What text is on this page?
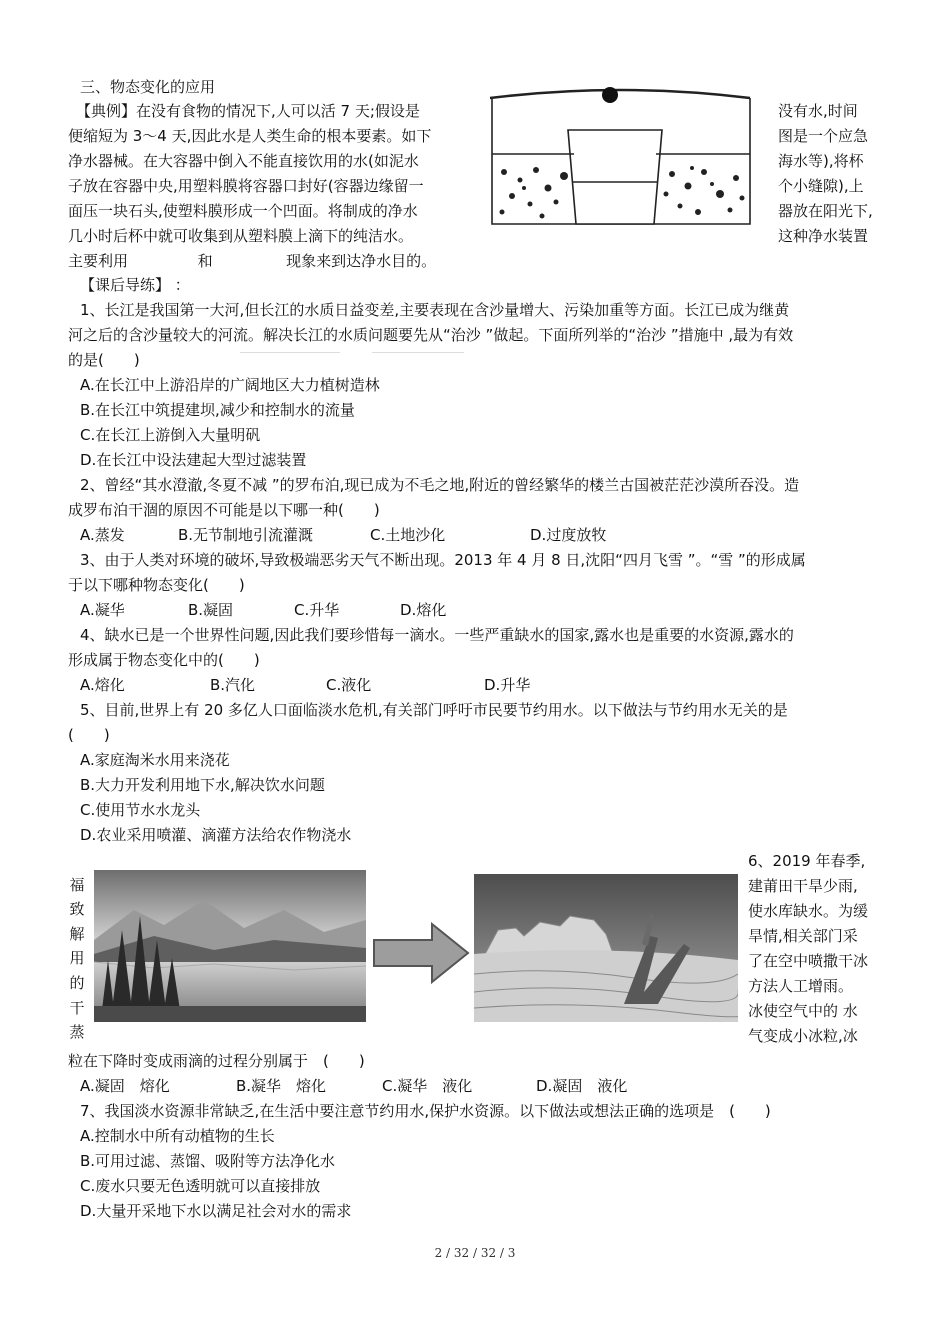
三、物态变化的应用
【典例】在没有食物的情况下,人可以活 7 天;假设是
便缩短为 3～4 天,因此水是人类生命的根本要素。如下
净水器械。在大容器中倒入不能直接饮用的水(如泥水
子放在容器中央,用塑料膜将容器口封好(容器边缘留一
面压一块石头,使塑料膜形成一个凹面。将制成的净水
几小时后杯中就可收集到从塑料膜上滴下的纯洁水。
没有水,时间
图是一个应急
海水等),将杯
个小缝隙),上
器放在阳光下,
这种净水装置
主要利用	和	现象来到达净水目的。
【课后导练】 ：
1、长江是我国第一大河,但长江的水质日益变差,主要表现在含沙量增大、污染加重等方面。长江已成为继黄
河之后的含沙量较大的河流。解决长江的水质问题要先从“治沙 ”做起。下面所列举的“治沙 ”措施中 ,最为有效
的是(　　)
A.在长江中上游沿岸的广阔地区大力植树造林
B.在长江中筑提建坝,减少和控制水的流量
C.在长江上游倒入大量明矾
D.在长江中设法建起大型过滤装置
2、曾经“其水澄澈,冬夏不减 ”的罗布泊,现已成为不毛之地,附近的曾经繁华的楼兰古国被茫茫沙漠所吞没。造
成罗布泊干涸的原因不可能是以下哪一种(　　)
A.蒸发	B.无节制地引流灌溉	C.土地沙化	D.过度放牧
3、由于人类对环境的破坏,导致极端恶劣天气不断出现。2013 年 4 月 8 日,沈阳“四月飞雪 ”。“雪 ”的形成属
于以下哪种物态变化(　　)
A.凝华	B.凝固	C.升华	D.熔化
4、缺水已是一个世界性问题,因此我们要珍惜每一滴水。一些严重缺水的国家,露水也是重要的水资源,露水的
形成属于物态变化中的(　　)
A.熔化	B.汽化	C.液化	D.升华
5、目前,世界上有 20 多亿人口面临淡水危机,有关部门呼吁市民要节约用水。以下做法与节约用水无关的是
(　　)
A.家庭淘米水用来浇花
B.大力开发利用地下水,解决饮水问题
C.使用节水水龙头
D.农业采用喷灌、滴灌方法给农作物浇水
6、2019 年春季,
建莆田干旱少雨,
使水库缺水。为缓
旱情,相关部门采
了在空中喷撒干冰
方法人工增雨。
冰使空气中的 水
气变成小冰粒,冰
福
致
解
用
的
干
蒸
粒在下降时变成雨滴的过程分别属于　(　　)
A.凝固　熔化	B.凝华　熔化	C.凝华　液化	D.凝固　液化
7、我国淡水资源非常缺乏,在生活中要注意节约用水,保护水资源。以下做法或想法正确的选项是　(　　)
A.控制水中所有动植物的生长
B.可用过滤、蒸馏、吸附等方法净化水
C.废水只要无色透明就可以直接排放
D.大量开采地下水以满足社会对水的需求
2 / 32 / 32 / 3
